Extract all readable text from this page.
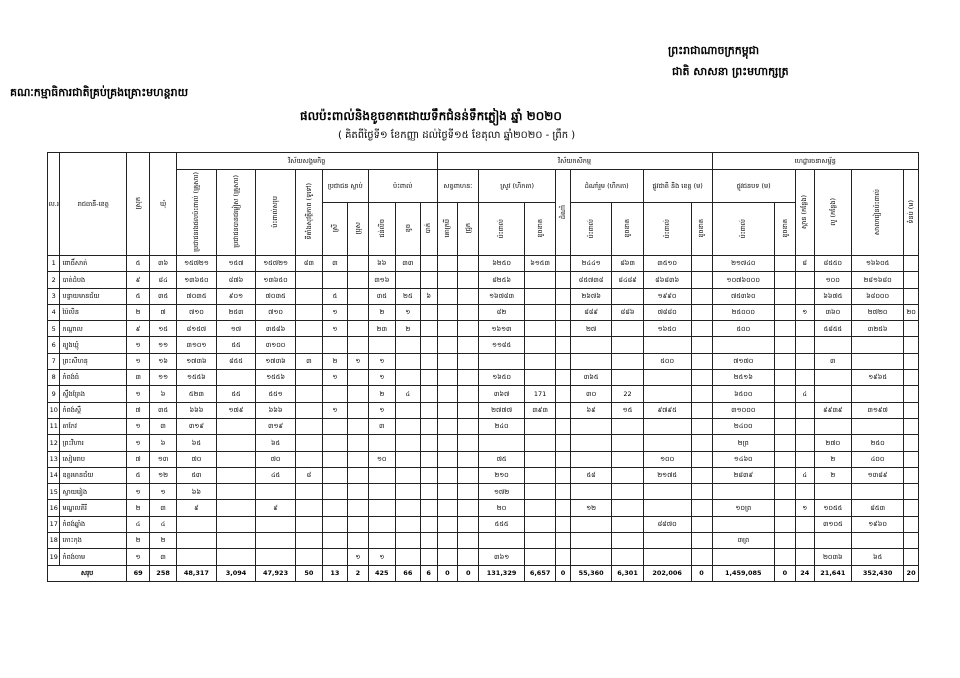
ព្រះរាជាណាចក្រកម្ពុជា
ជាតិ សាសនា ព្រះមហាក្សត្រ
គណៈកម្មាធិការជាតិគ្រប់គ្រងគ្រោះមហន្តរាយ
ផលប៉ះពាល់និងខូចខាតដោយទឹកជំនន់ទឹកភ្លៀង ឆ្នាំ ២០២០
( គិតពីថ្ងៃទី១ ខែកញ្ញា ដល់ថ្ងៃទី១៥ ខែតុលា ឆ្នាំ២០២០ - ព្រឹក )
ល.រ	រាជធានី-ខេត្ត	ស្រុក	ឃុំ	វិស័យសង្គមកិច្ច									វិស័យកសិកម្ម									ហេដ្ឋារចនាសម្ព័ន្ធ					
				ប្រជាជនរងផលប៉ះពាល់ (គ្រួសារ)	ប្រជាជនបានជម្លៀស (គ្រួសារ)	ប៉ះពាល់សរុប	ទីតាំងសុវត្ថិភាព (ទូទៅ)	ប្រជាជន ស្លាប់		ប៉ះពាល់			សត្វពាហនៈ		ស្រូវ (ហិកតា)		ដំណាំ	ដំណាំរួម (ហិកតា)		ផ្លូវជាតិ និង ខេត្ត (ម)		ផ្លូវជនបទ (ម)		ស្ពាន (កន្លែង)	លូ (កន្លែង)	សាលារៀនប៉ះពាល់	ទំនប់ (ម)
								ស្រី	ប្រុស	ជន់លិច	ខូច	បាក់	គោក្របី	ជ្រូក	ប៉ះពាល់	ខូចខាត		ប៉ះពាល់	ខូចខាត	ប៉ះពាល់	ខូចខាត	ប៉ះពាល់	ខូចខាត				
1	ពោធិ៍សាត់	៥	៣៦	១៥៧២១	១៥៧	១៥៧២១	៨៣	៣		៦៦	៣៣				៦២៥០	៦១៥៣		២៤៤១	៨៦៣	៣៥១០		២១៧៤០		៨	៨៥៥០	១៦៦០៥	
2	បាត់ដំបង	៩	៨៤	១៣៦៥០	៨៧៦	១៣៦៥០				៣១៦					៨២៥៦			៨៥៧៣៨	៨៤៨៩	៨៦៨៣៦		១០៧៦០០០			១០០	២៨១៦៨០	
3	បន្ទាយមានជ័យ	៥	៣៥	៧០៣៥	៩០១	៧០៣៥		៥		៣៥	២៥	៦			១៦៧៨៣			២៦៧៦		១៩៩០		៧៥៣៦០			៦៦៧៥	៦៨០០០	
4	ប៉ៃលិន	២	៧	៧១០	២៥៣	៧១០		១		២	១				៨២			៨៨៩	៨៨៦	៧៨៨០		២៥០០០		១	៣៦០	២៧២០	២០
5	កណ្តាល	៩	១៥	៨១៥៧	១៧	៣៥៨៦		១		២៣	២				១៦១៣			២៧		១៦៥០		៥០០			៥៨៥៥	៣២៥៦	
6	ត្បូងឃ្មុំ	១	១១	៣១០១	៥៥	៣១០០									១១៨៥												
7	ព្រះសីហនុ	១	១៦	១៧៣៦	៨៥៥	១៧៣៦	៣	២	១	១										៥០០		៧១៧០			៣		
8	កំពង់ធំ	៣	១១	១៥៥៦		១៥៥៦		១		១					១៦៥០			៣៦៥				២៥១៦				១៩៦៥	
9	ស្ទឹងត្រែង	១	៦	៥២៣	៥៥	៥៥១				២	៤				៣៦៧	171		៣០	22			៦៥០០		៤			
10	កំពង់ស្ពឺ	៧	៣៥	៦៦៦	១៧៩	៦៦៦		១		១					២៧៧៧	៣៩៣		៦៩	១៥	៩៧៩៥		៣១០០០			៩៩៣៩	៣១៩៧	
11	តាកែវ	១	៣	៣១៩		៣១៩				៣					២៤០							២៤០០					
12	ព្រះវិហារ	១	៦	៦៥		៦៥																២ព្រ			២៧០	២៥០	
13	សៀមរាប	៧	១៣	៧០		៧០				១០					៧៥					១០០		១៤៦០			២	៤០០	
14	ឧត្តរមានជ័យ	៥	១២	៥៣		៤៥	៨								២១០			៥៨		២១៧៥		២៨៣៩		៤	២	១៣៨៩	
15	ស្វាយរៀង	១	១	៦៦											១៧២												
16	មណ្ឌលគិរី	២	៣	៩		៩									២០			១២				១០ព្រ		១	១០៥៥	៨៥៣	
17	កំពង់ឆ្នាំង	៤	៤												៥៥៥					៨៨៧០					៣១០៥	១៩៦០	
18	កោះកុង	២	២																			៣ព្រ					
19	កំពង់ចាម	១	៣						១	១					៣៦១										២០៣៦	៦៥	
សរុប		69	258	48,317	3,094	47,923	50	13	2	425	66	6	0	0	131,329	6,657	0	55,360	6,301	202,006	0	1,459,085	0	24	21,641	352,430	20
